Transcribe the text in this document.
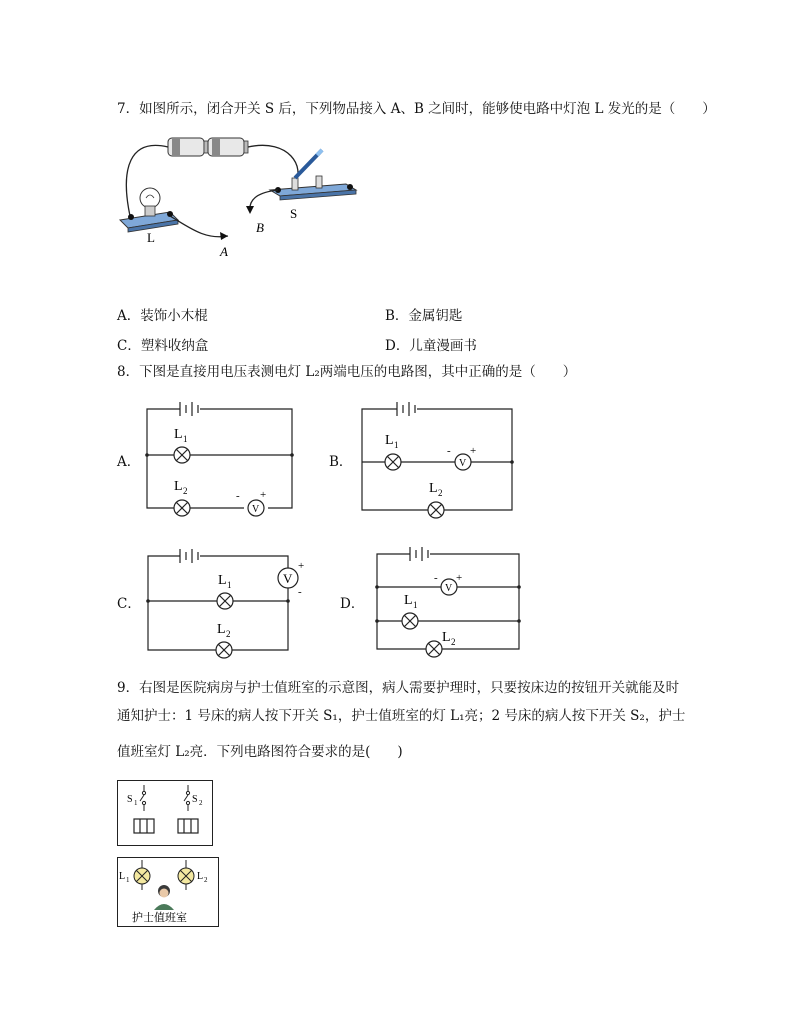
7．如图所示，闭合开关 S 后，下列物品接入 A、B 之间时，能够使电路中灯泡 L 发光的是（　　）
L
S
A
B
A．装饰小木棍	B．金属钥匙
C．塑料收纳盒	D．儿童漫画书
8．下图是直接用电压表测电灯 L₂两端电压的电路图，其中正确的是（　　）
A．
V
L 1
L 2	- +
B．	V
L 1
L 2
- +
C．
V
L 1
L 2
+
-
D．
V
L 1
L 2
- +
9．右图是医院病房与护士值班室的示意图，病人需要护理时，只要按床边的按钮开关就能及时
通知护士：1 号床的病人按下开关 S₁，护士值班室的灯 L₁亮；2 号床的病人按下开关 S₂，护士
值班室灯 L₂亮．下列电路图符合要求的是(　　)
S 1	S 2
L 1	L 2
护士值班室
